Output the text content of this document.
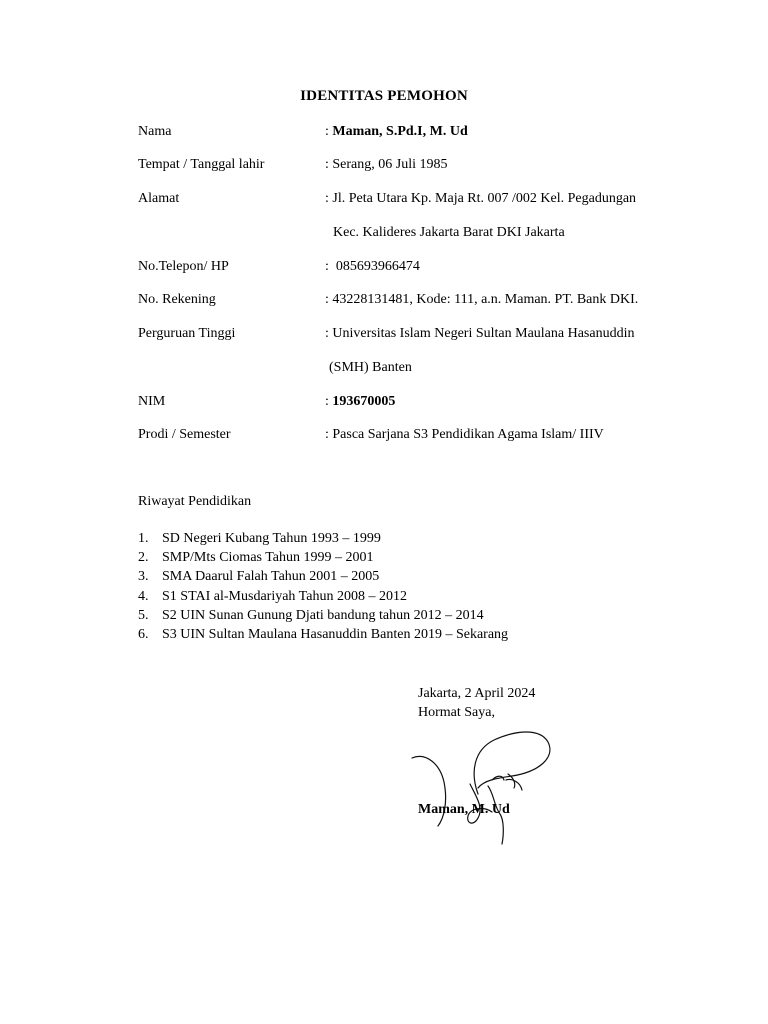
IDENTITAS PEMOHON
Nama	: Maman, S.Pd.I, M. Ud
Tempat / Tanggal lahir	: Serang, 06 Juli 1985
Alamat	: Jl. Peta Utara Kp. Maja Rt. 007 /002 Kel. Pegadungan
Kec. Kalideres Jakarta Barat DKI Jakarta
No.Telepon/ HP	:  085693966474
No. Rekening	: 43228131481, Kode: 111, a.n. Maman. PT. Bank DKI.
Perguruan Tinggi	: Universitas Islam Negeri Sultan Maulana Hasanuddin
(SMH) Banten
NIM	: 193670005
Prodi / Semester	: Pasca Sarjana S3 Pendidikan Agama Islam/ IIIV
Riwayat Pendidikan
1. SD Negeri Kubang Tahun 1993 – 1999
2. SMP/Mts Ciomas Tahun 1999 – 2001
3. SMA Daarul Falah Tahun 2001 – 2005
4. S1 STAI al-Musdariyah Tahun 2008 – 2012
5. S2 UIN Sunan Gunung Djati bandung tahun 2012 – 2014
6. S3 UIN Sultan Maulana Hasanuddin Banten 2019 – Sekarang
Jakarta, 2 April 2024
Hormat Saya,
Maman, M. Ud
